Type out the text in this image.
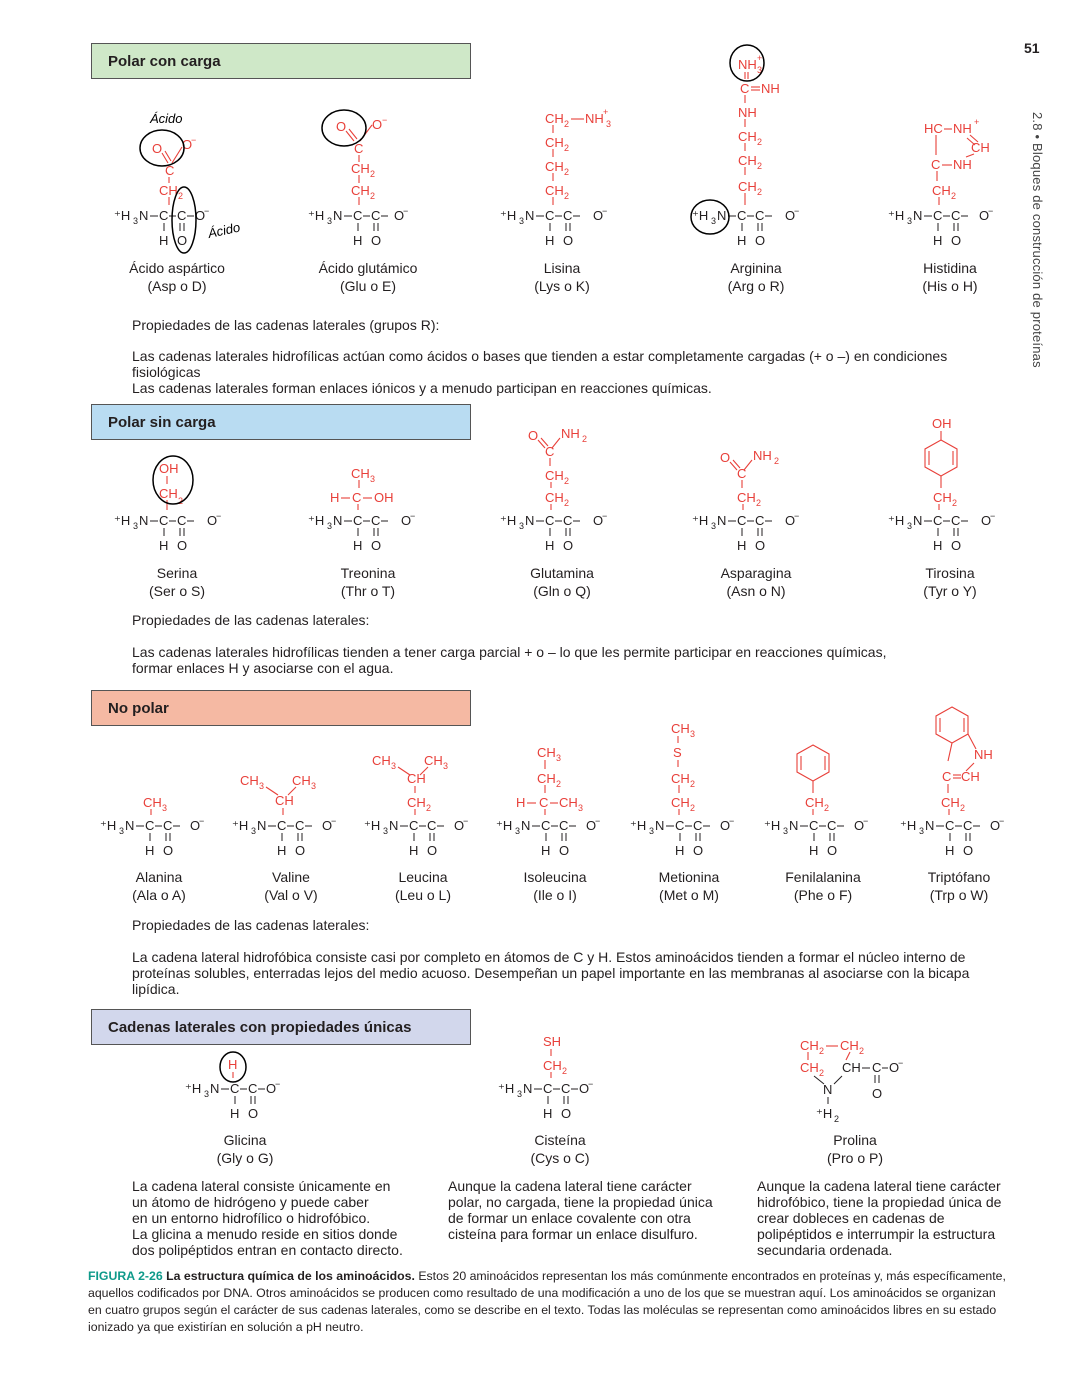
51
2.8 • Bloques de construcción de proteínas
Polar con carga
O O
−
C
CH 2
⁺H 3 N C C O
−
H O
Ácido
Ácido
Ácido aspártico
(Asp o D)
O O −
C
CH 2
CH 2
⁺H 3 N C C O
−
H O
Ácido glutámico
(Glu o E)
CH 2 NH 3
+
CH 2
CH 2
CH 2
⁺H 3 N C C O
−
H O
Lisina
(Lys o K)
NH 3
+
C NH
NH
CH 2
CH 2
CH 2
⁺H 3 N C C O
−
H O
Arginina
(Arg o R)
HC NH +
CH
C NH
CH 2
⁺H 3 N C C O
−
H O
Histidina
(His o H)
Propiedades de las cadenas laterales (grupos R):
Las cadenas laterales hidrofílicas actúan como ácidos o bases que tienden a estar completamente cargadas (+ o –) en condiciones
fisiológicas
Las cadenas laterales forman enlaces iónicos y a menudo participan en reacciones químicas.
Polar sin carga
OH
CH 2
⁺H 3 N C C O
−
H O
Serina
(Ser o S)
CH 3
H C OH
⁺H 3 N C C O
−
H O
Treonina
(Thr o T)
O NH 2
C
CH 2
CH 2
⁺H 3 N C C O
−
H O
Glutamina
(Gln o Q)
O NH 2
C
CH 2
⁺H 3 N C C O
−
H O
Asparagina
(Asn o N)
OH
CH 2
⁺H 3 N C C O
−
H O
Tirosina
(Tyr o Y)
Propiedades de las cadenas laterales:
Las cadenas laterales hidrofílicas tienden a tener carga parcial + o – lo que les permite participar en reacciones químicas,
formar enlaces H y asociarse con el agua.
No polar
CH 3
⁺H 3 N C C O
−
H O
Alanina
(Ala o A)
CH 3 CH 3
CH
⁺H 3 N C C O
−
H O
Valine
(Val o V)
CH 3 CH 3
CH
CH 2
⁺H 3 N C C O
−
H O
Leucina
(Leu o L)
CH 3
CH 2
H C CH 3
⁺H 3 N C C O
−
H O
Isoleucina
(Ile o I)
CH 3
S
CH 2
CH 2
⁺H 3 N C C O
−
H O
Metionina
(Met o M)
CH 2
⁺H 3 N C C O
−
H O
Fenilalanina
(Phe o F)
NH
C CH
CH 2
⁺H 3 N C C O
−
H O
Triptófano
(Trp o W)
Propiedades de las cadenas laterales:
La cadena lateral hidrofóbica consiste casi por completo en átomos de C y H. Estos aminoácidos tienden a formar el núcleo interno de
proteínas solubles, enterradas lejos del medio acuoso. Desempeñan un papel importante en las membranas al asociarse con la bicapa
lipídica.
Cadenas laterales con propiedades únicas
H
⁺H 3 N C C O
−
H O
Glicina
(Gly o G)
SH
CH 2
⁺H 3 N C C O
−
H O
Cisteína
(Cys o C)
CH 2 CH 2
CH 2 CH C O
−
O
N
⁺H 2
Prolina
(Pro o P)
La cadena lateral consiste únicamente en
un átomo de hidrógeno y puede caber
en un entorno hidrofílico o hidrofóbico.
La glicina a menudo reside en sitios donde
dos polipéptidos entran en contacto directo.
Aunque la cadena lateral tiene carácter
polar, no cargada, tiene la propiedad única
de formar un enlace covalente con otra
cisteína para formar un enlace disulfuro.
Aunque la cadena lateral tiene carácter
hidrofóbico, tiene la propiedad única de
crear dobleces en cadenas de
polipéptidos e interrumpir la estructura
secundaria ordenada.
FIGURA 2-26 La estructura química de los aminoácidos. Estos 20 aminoácidos representan los más comúnmente encontrados en proteínas y, más específicamente, aquellos codificados por DNA. Otros aminoácidos se producen como resultado de una modificación a uno de los que se muestran aquí. Los aminoácidos se organizan en cuatro grupos según el carácter de sus cadenas laterales, como se describe en el texto. Todas las moléculas se representan como aminoácidos libres en su estado ionizado ya que existirían en solución a pH neutro.
